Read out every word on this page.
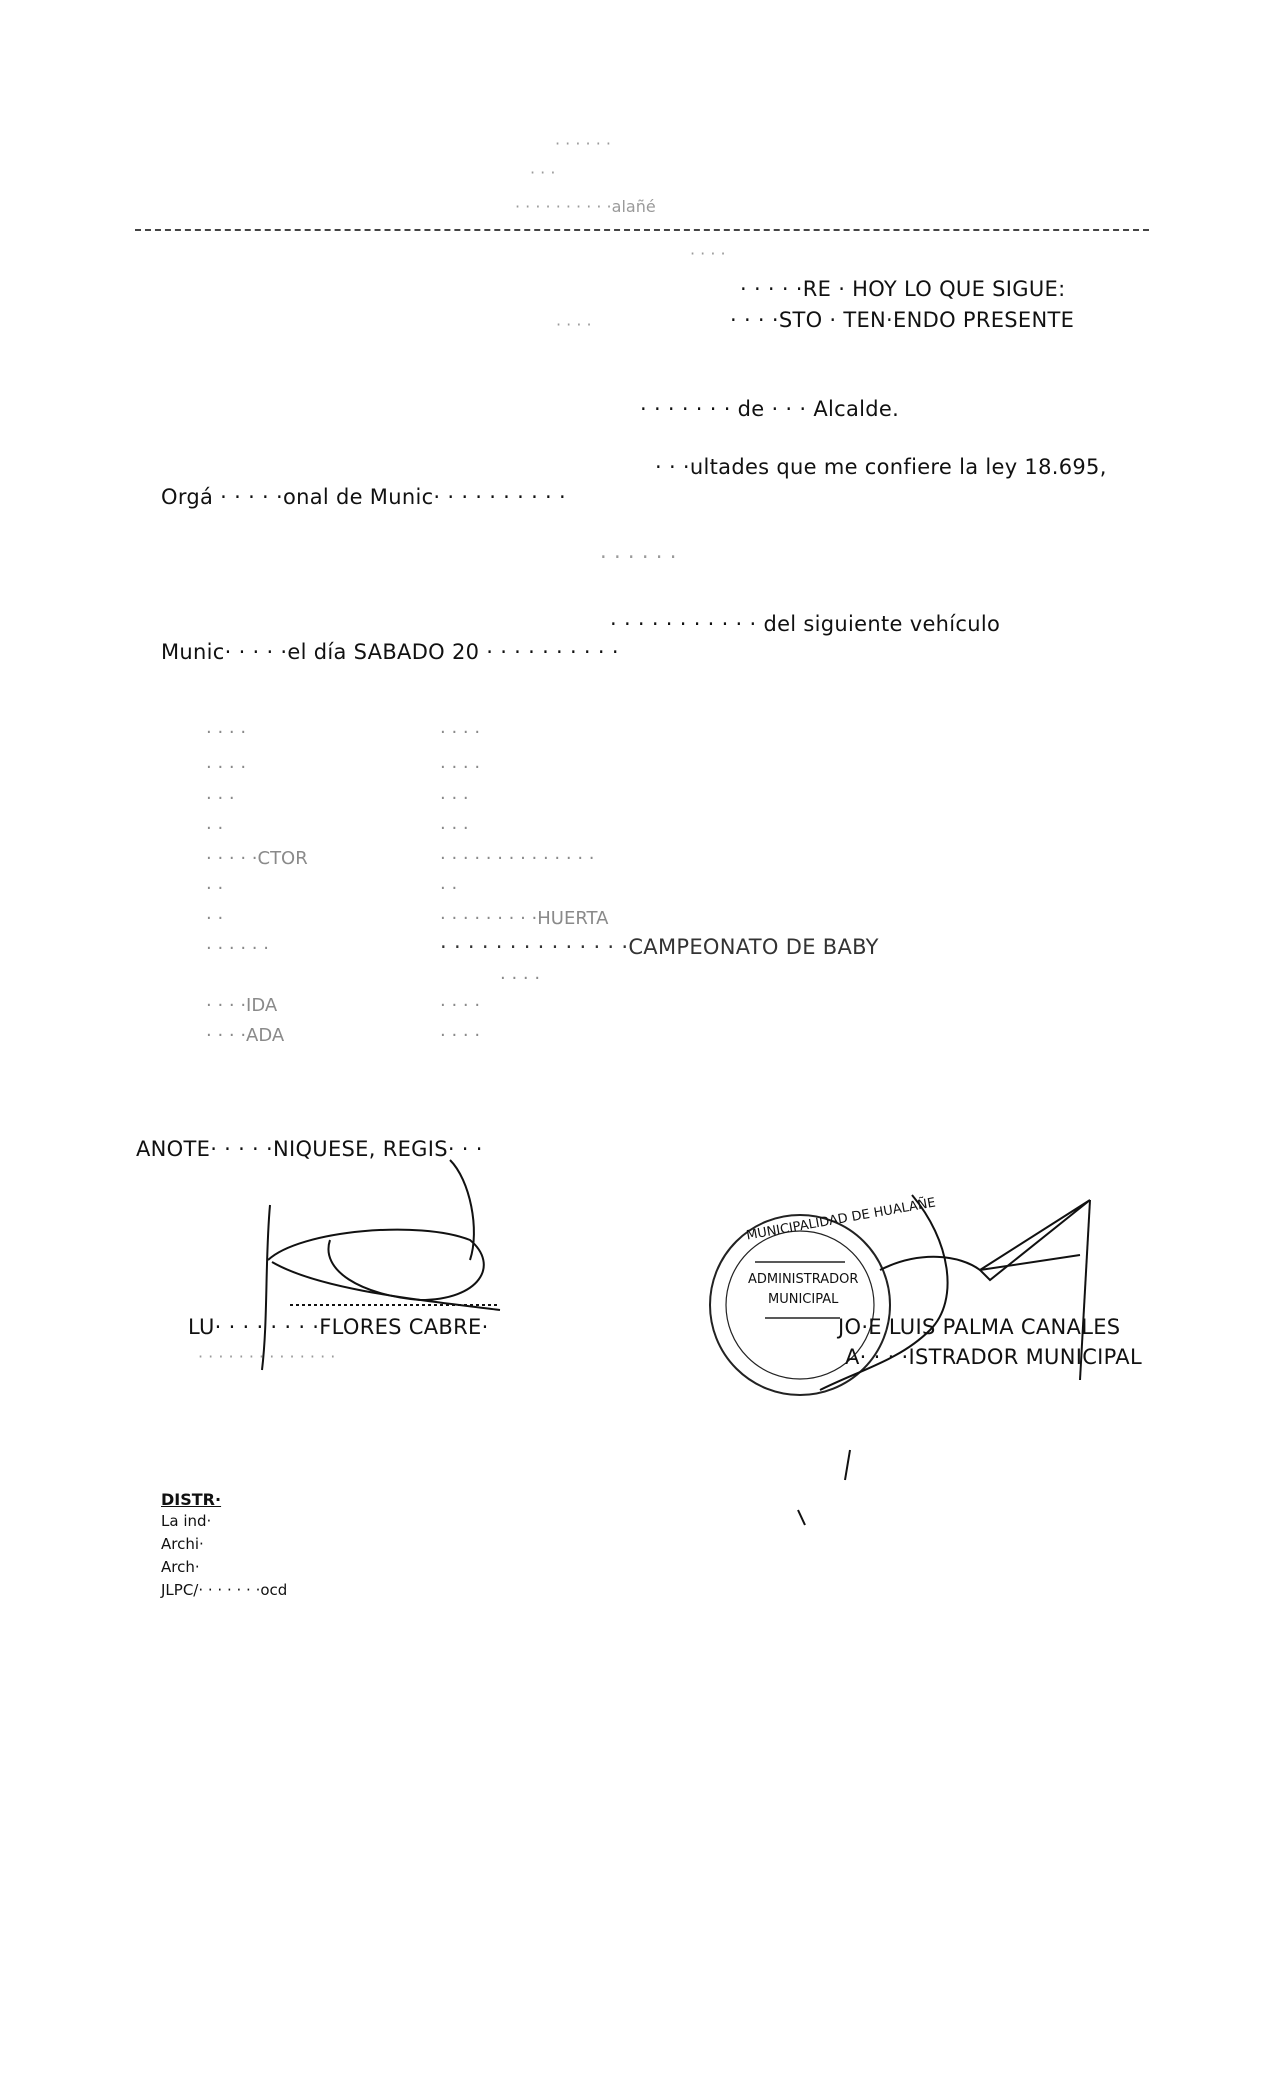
· · · · · ·
· · ·
· · · · · · · · · ·alañé
· · · ·
· · · · ·RE · HOY LO QUE SIGUE:
· · · ·	· · · ·STO · TEN·ENDO PRESENTE
· · · · · · · de · · · Alcalde.
· · ·ultades que me confiere la ley 18.695,
Orgá · · · · ·onal de Munic· · · · · · · · · ·
· · · · · ·
· · · · · · · · · · · del siguiente vehículo
Munic· · · · ·el día SABADO 20 · · · · · · · · · ·
· · · ·	· · · ·
· · · ·	· · · ·
· · ·	· · ·
· ·	· · ·
· · · · ·CTOR	· · · · · · · · · · · · · ·
· ·	· ·
· ·	· · · · · · · · ·HUERTA
· · · · · ·	· · · · · · · · · · · · · ·CAMPEONATO DE BABY
· · · ·
· · · ·IDA	· · · ·
· · · ·ADA	· · · ·
ANOTE· · · · ·NIQUESE, REGIS· · ·
MUNICIPALIDAD DE HUALAÑE
ADMINISTRADOR
MUNICIPAL
LU· · · · · · · ·FLORES CABRE·
· · · · · · · · · · · · · ·
JO·E LUIS PALMA CANALES
A· · · ·ISTRADOR MUNICIPAL
DISTR·
La ind·
Archi·
Arch·
JLPC/· · · · · · ·ocd
